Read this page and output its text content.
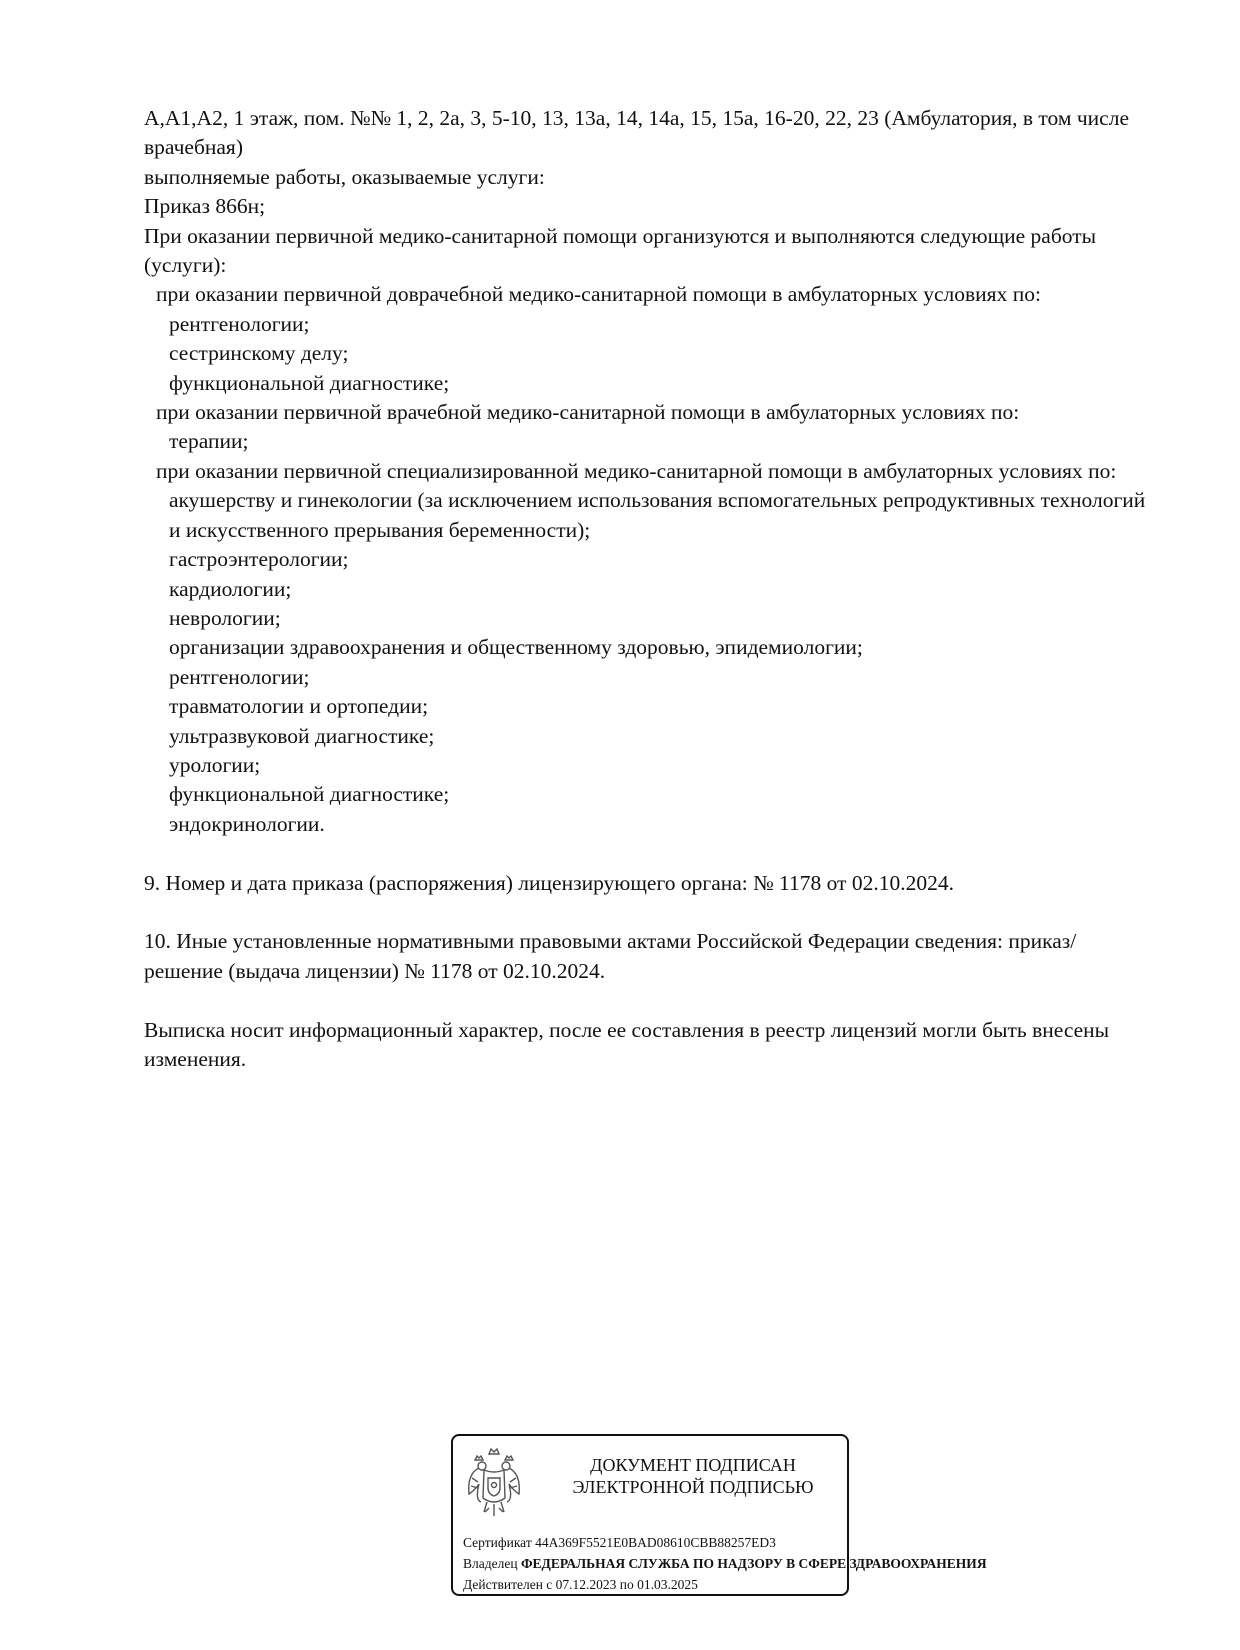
А,А1,А2, 1 этаж, пом. №№ 1, 2, 2а, 3, 5-10, 13, 13а, 14, 14а, 15, 15а, 16-20, 22, 23 (Амбулатория, в том числе врачебная)

выполняемые работы, оказываемые услуги:

Приказ 866н;

При оказании первичной медико-санитарной помощи организуются и выполняются следующие работы (услуги):

при оказании первичной доврачебной медико-санитарной помощи в амбулаторных условиях по:

рентгенологии;

сестринскому делу;

функциональной диагностике;

при оказании первичной врачебной медико-санитарной помощи в амбулаторных условиях по:

терапии;

при оказании первичной специализированной медико-санитарной помощи в амбулаторных условиях по:

акушерству и гинекологии (за исключением использования вспомогательных репродуктивных технологий и искусственного прерывания беременности);

гастроэнтерологии;

кардиологии;

неврологии;

организации здравоохранения и общественному здоровью, эпидемиологии;

рентгенологии;

травматологии и ортопедии;

ультразвуковой диагностике;

урологии;

функциональной диагностике;

эндокринологии.

9. Номер и дата приказа (распоряжения) лицензирующего органа: № 1178 от 02.10.2024.

10. Иные установленные нормативными правовыми актами Российской Федерации сведения: приказ/решение (выдача лицензии) № 1178 от 02.10.2024.

Выписка носит информационный характер, после ее составления в реестр лицензий могли быть внесены изменения.

ДОКУМЕНТ ПОДПИСАН
ЭЛЕКТРОННОЙ ПОДПИСЬЮ
Сертификат 44A369F5521E0BAD08610CBB88257ED3
Владелец ФЕДЕРАЛЬНАЯ СЛУЖБА ПО НАДЗОРУ В СФЕРЕ ЗДРАВООХРАНЕНИЯ
Действителен с 07.12.2023 по 01.03.2025
